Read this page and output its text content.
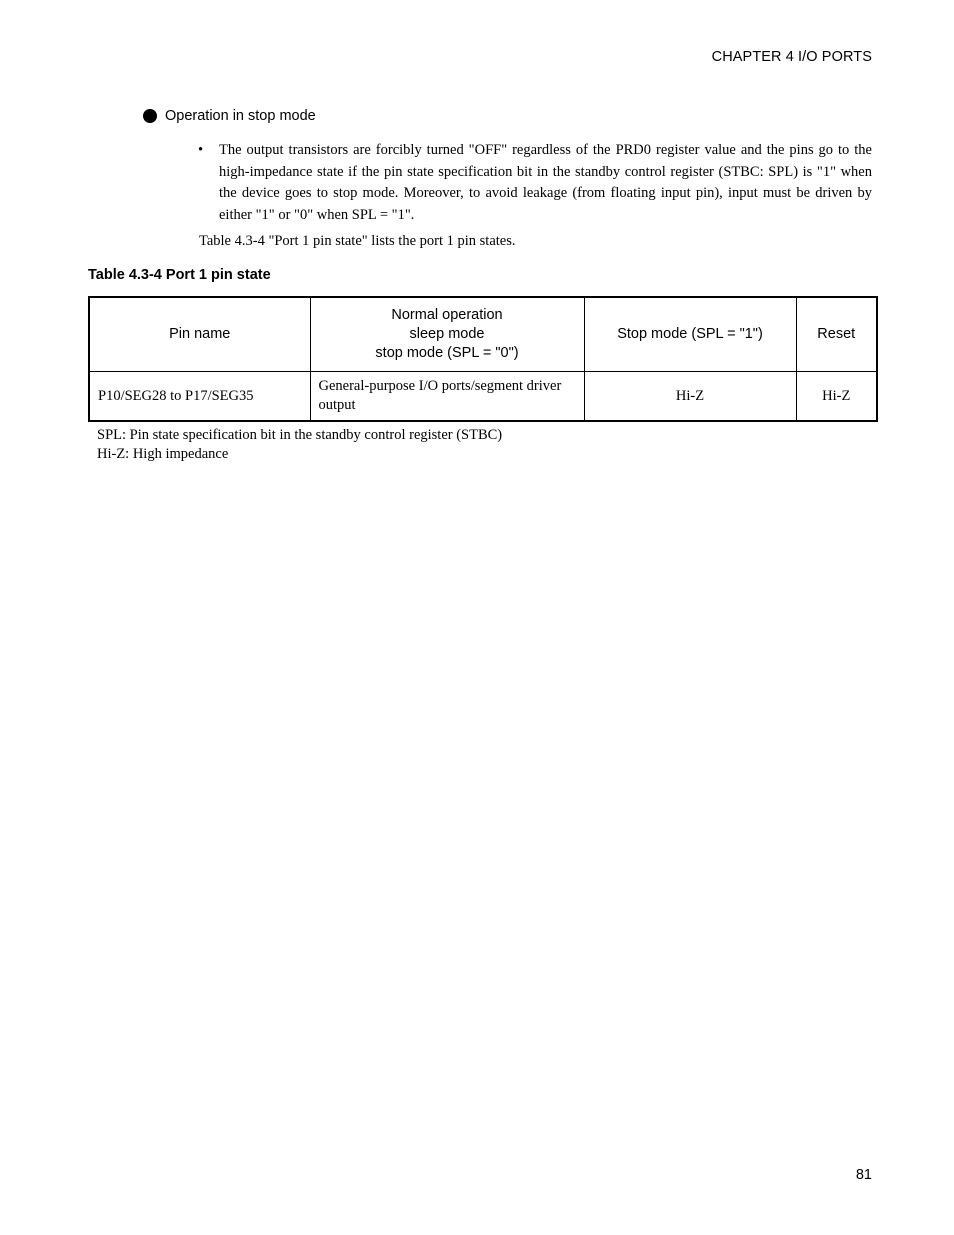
CHAPTER 4 I/O PORTS
Operation in stop mode
• The output transistors are forcibly turned "OFF" regardless of the PRD0 register value and the pins go to the high-impedance state if the pin state specification bit in the standby control register (STBC: SPL) is "1" when the device goes to stop mode. Moreover, to avoid leakage (from floating input pin), input must be driven by either "1" or "0" when SPL = "1".
Table 4.3-4 "Port 1 pin state" lists the port 1 pin states.
Table 4.3-4 Port 1 pin state
Pin name	Normal operation
sleep mode
stop mode (SPL = "0")	Stop mode (SPL = "1")	Reset
P10/SEG28 to P17/SEG35	General-purpose I/O ports/segment driver output	Hi-Z	Hi-Z
SPL: Pin state specification bit in the standby control register (STBC)
Hi-Z: High impedance
81
